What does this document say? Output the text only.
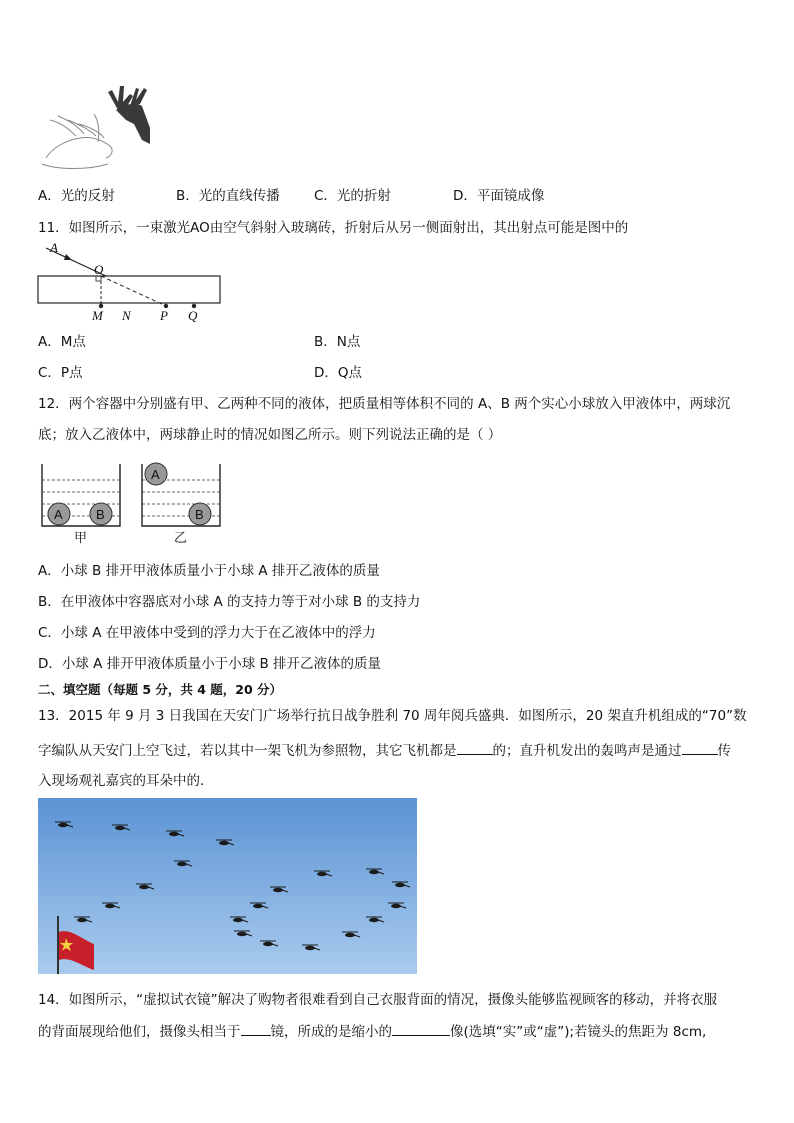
A．光的反射	B．光的直线传播	C．光的折射	D．平面镜成像
11．如图所示，一束激光AO由空气斜射入玻璃砖，折射后从另一侧面射出，其出射点可能是图中的
A
O
M N P Q
A．M点	B．N点
C．P点	D．Q点
12．两个容器中分别盛有甲、乙两种不同的液体，把质量相等体积不同的 A、B 两个实心小球放入甲液体中，两球沉
底；放入乙液体中，两球静止时的情况如图乙所示。则下列说法正确的是（ ）
A	B
甲
A
B
乙
A．小球 B 排开甲液体质量小于小球 A 排开乙液体的质量
B．在甲液体中容器底对小球 A 的支持力等于对小球 B 的支持力
C．小球 A 在甲液体中受到的浮力大于在乙液体中的浮力
D．小球 A 排开甲液体质量小于小球 B 排开乙液体的质量
二、填空题（每题 5 分，共 4 题，20 分）
13．2015 年 9 月 3 日我国在天安门广场举行抗日战争胜利 70 周年阅兵盛典．如图所示，20 架直升机组成的“70”数
字编队从天安门上空飞过，若以其中一架飞机为参照物，其它飞机都是	的；直升机发出的轰鸣声是通过	传
入现场观礼嘉宾的耳朵中的．
14．如图所示，“虚拟试衣镜”解决了购物者很难看到自己衣服背面的情况，摄像头能够监视顾客的移动，并将衣服
的背面展现给他们，摄像头相当于 镜，所成的是缩小的	像(选填“实”或“虚”);若镜头的焦距为 8cm,
